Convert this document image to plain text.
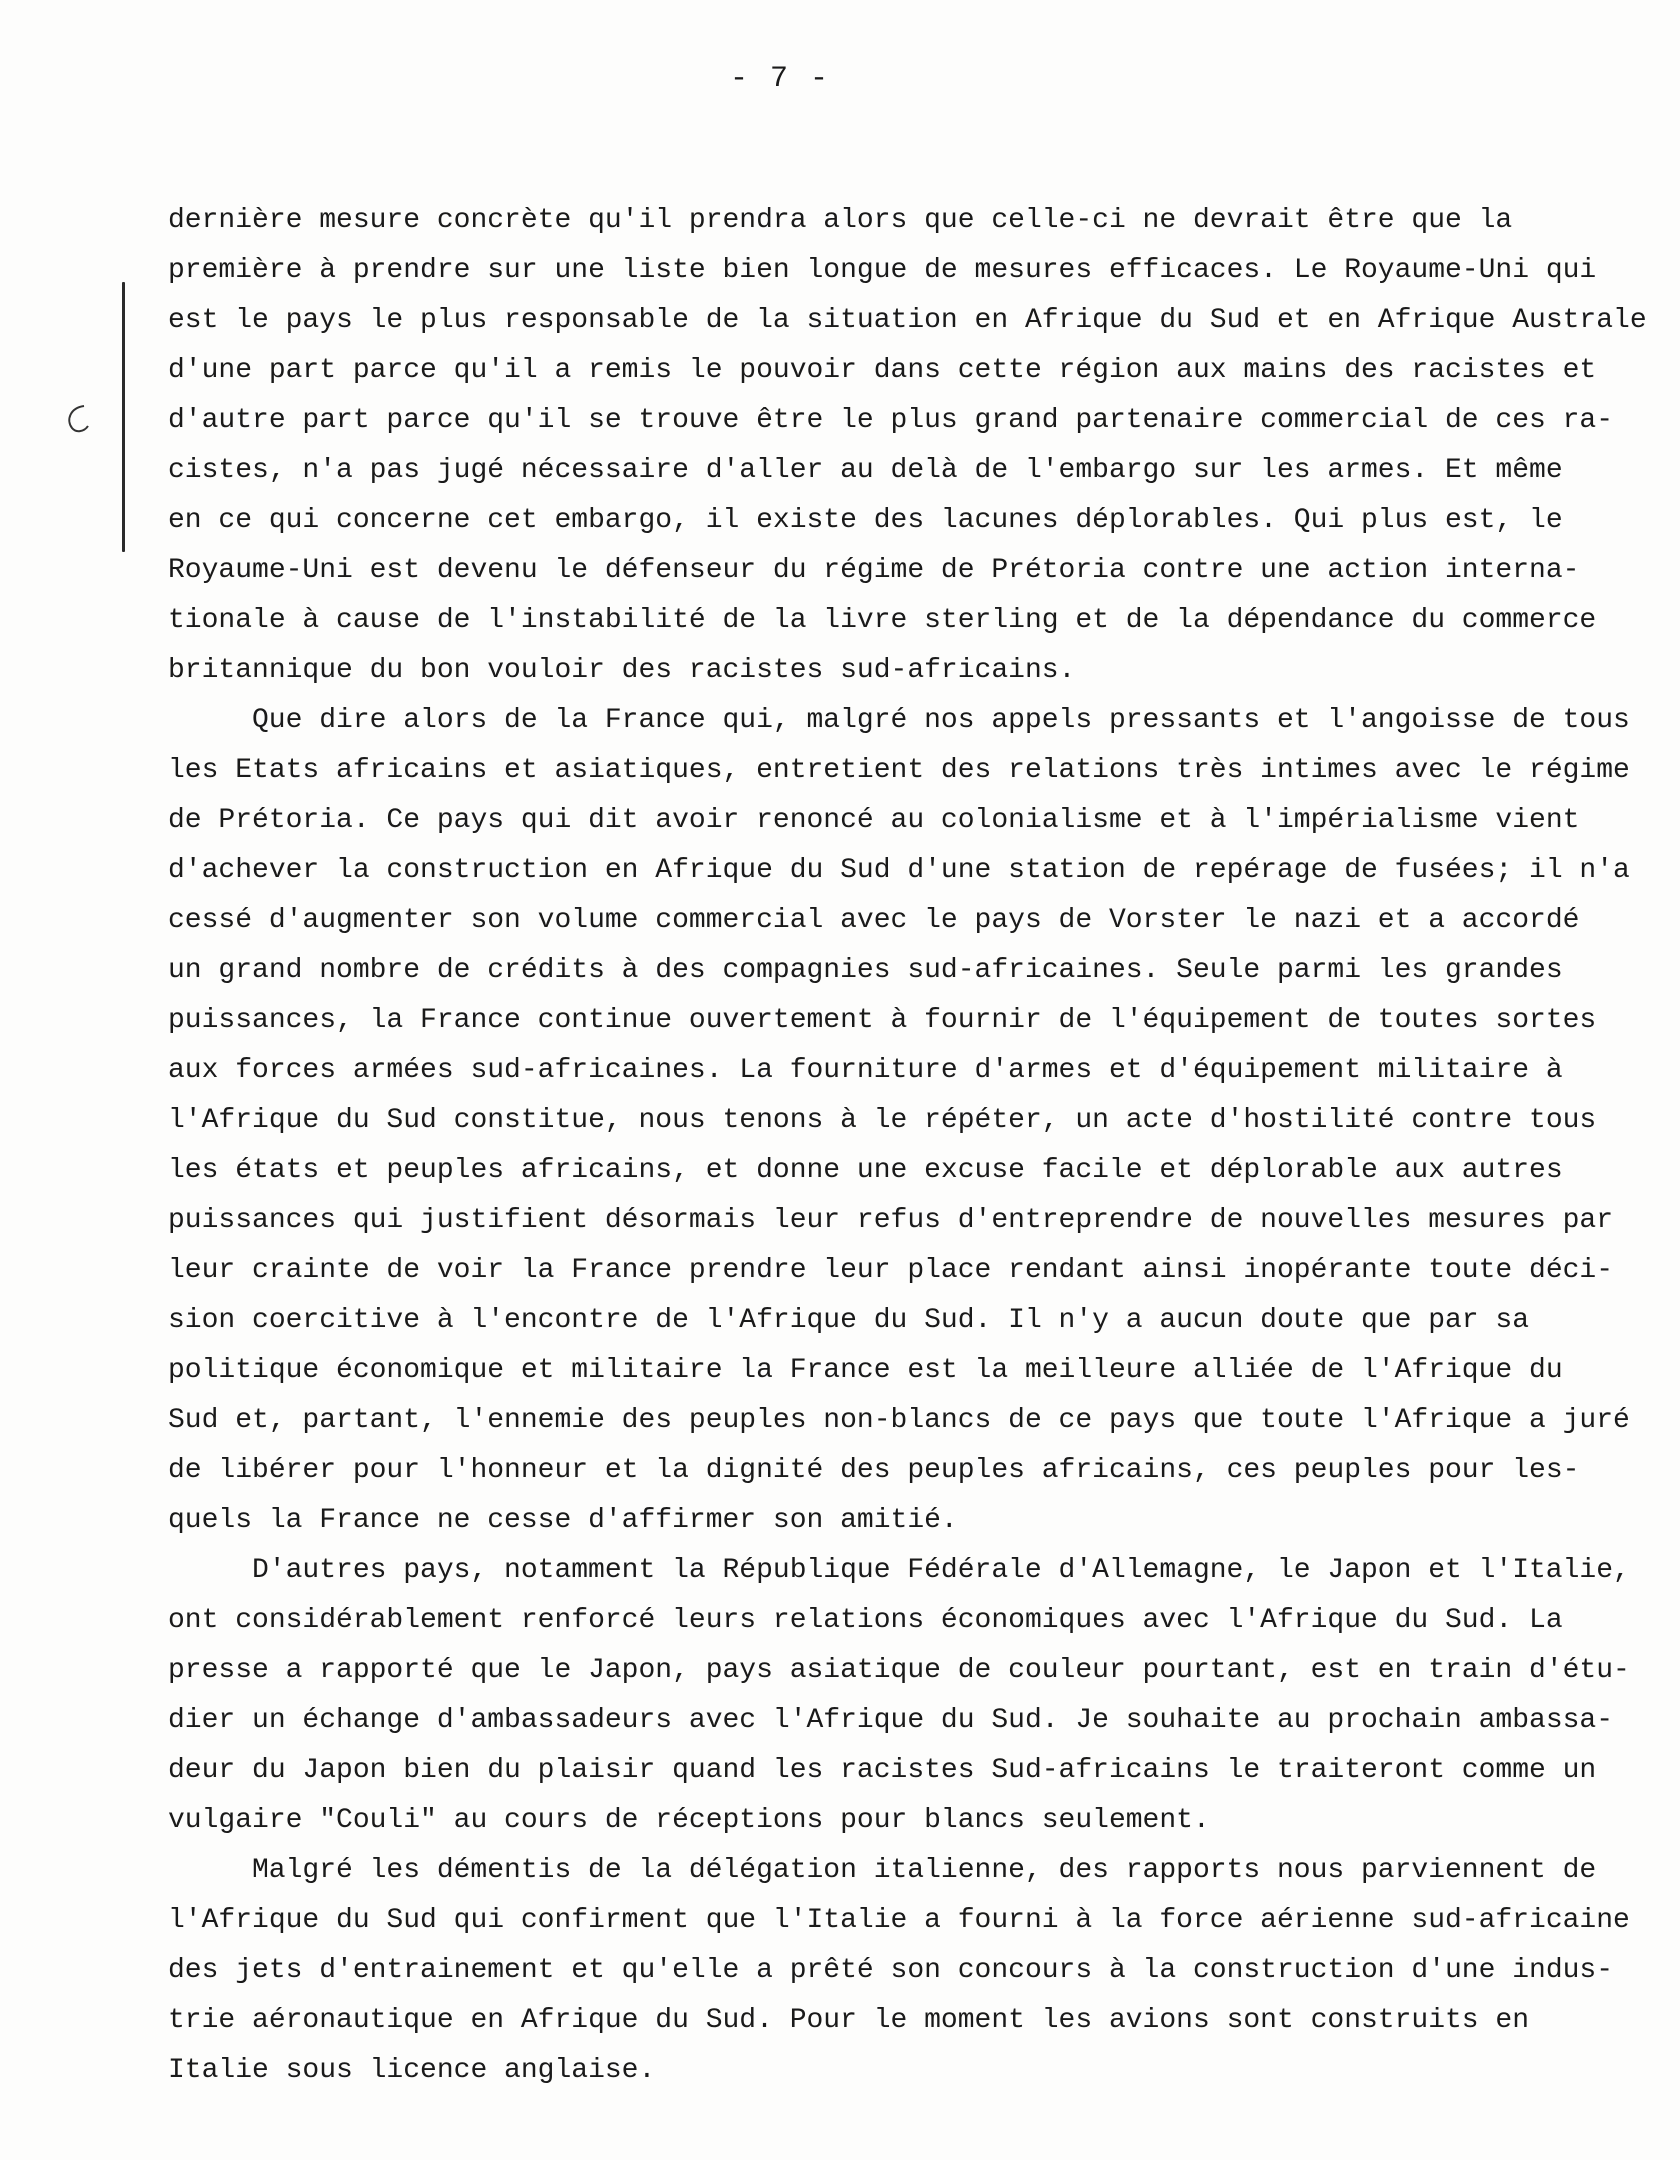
- 7 -
dernière mesure concrète qu'il prendra alors que celle-ci ne devrait être que la
première à prendre sur une liste bien longue de mesures efficaces. Le Royaume-Uni qui
est le pays le plus responsable de la situation en Afrique du Sud et en Afrique Australe
d'une part parce qu'il a remis le pouvoir dans cette région aux mains des racistes et
d'autre part parce qu'il se trouve être le plus grand partenaire commercial de ces ra-
cistes, n'a pas jugé nécessaire d'aller au delà de l'embargo sur les armes. Et même
en ce qui concerne cet embargo, il existe des lacunes déplorables. Qui plus est, le
Royaume-Uni est devenu le défenseur du régime de Prétoria contre une action interna-
tionale à cause de l'instabilité de la livre sterling et de la dépendance du commerce
britannique du bon vouloir des racistes sud-africains.
Que dire alors de la France qui, malgré nos appels pressants et l'angoisse de tous
les Etats africains et asiatiques, entretient des relations très intimes avec le régime
de Prétoria. Ce pays qui dit avoir renoncé au colonialisme et à l'impérialisme vient
d'achever la construction en Afrique du Sud d'une station de repérage de fusées; il n'a
cessé d'augmenter son volume commercial avec le pays de Vorster le nazi et a accordé
un grand nombre de crédits à des compagnies sud-africaines. Seule parmi les grandes
puissances, la France continue ouvertement à fournir de l'équipement de toutes sortes
aux forces armées sud-africaines. La fourniture d'armes et d'équipement militaire à
l'Afrique du Sud constitue, nous tenons à le répéter, un acte d'hostilité contre tous
les états et peuples africains, et donne une excuse facile et déplorable aux autres
puissances qui justifient désormais leur refus d'entreprendre de nouvelles mesures par
leur crainte de voir la France prendre leur place rendant ainsi inopérante toute déci-
sion coercitive à l'encontre de l'Afrique du Sud. Il n'y a aucun doute que par sa
politique économique et militaire la France est la meilleure alliée de l'Afrique du
Sud et, partant, l'ennemie des peuples non-blancs de ce pays que toute l'Afrique a juré
de libérer pour l'honneur et la dignité des peuples africains, ces peuples pour les-
quels la France ne cesse d'affirmer son amitié.
D'autres pays, notamment la République Fédérale d'Allemagne, le Japon et l'Italie,
ont considérablement renforcé leurs relations économiques avec l'Afrique du Sud. La
presse a rapporté que le Japon, pays asiatique de couleur pourtant, est en train d'étu-
dier un échange d'ambassadeurs avec l'Afrique du Sud. Je souhaite au prochain ambassa-
deur du Japon bien du plaisir quand les racistes Sud-africains le traiteront comme un
vulgaire "Couli" au cours de réceptions pour blancs seulement.
Malgré les démentis de la délégation italienne, des rapports nous parviennent de
l'Afrique du Sud qui confirment que l'Italie a fourni à la force aérienne sud-africaine
des jets d'entrainement et qu'elle a prêté son concours à la construction d'une indus-
trie aéronautique en Afrique du Sud. Pour le moment les avions sont construits en
Italie sous licence anglaise.
